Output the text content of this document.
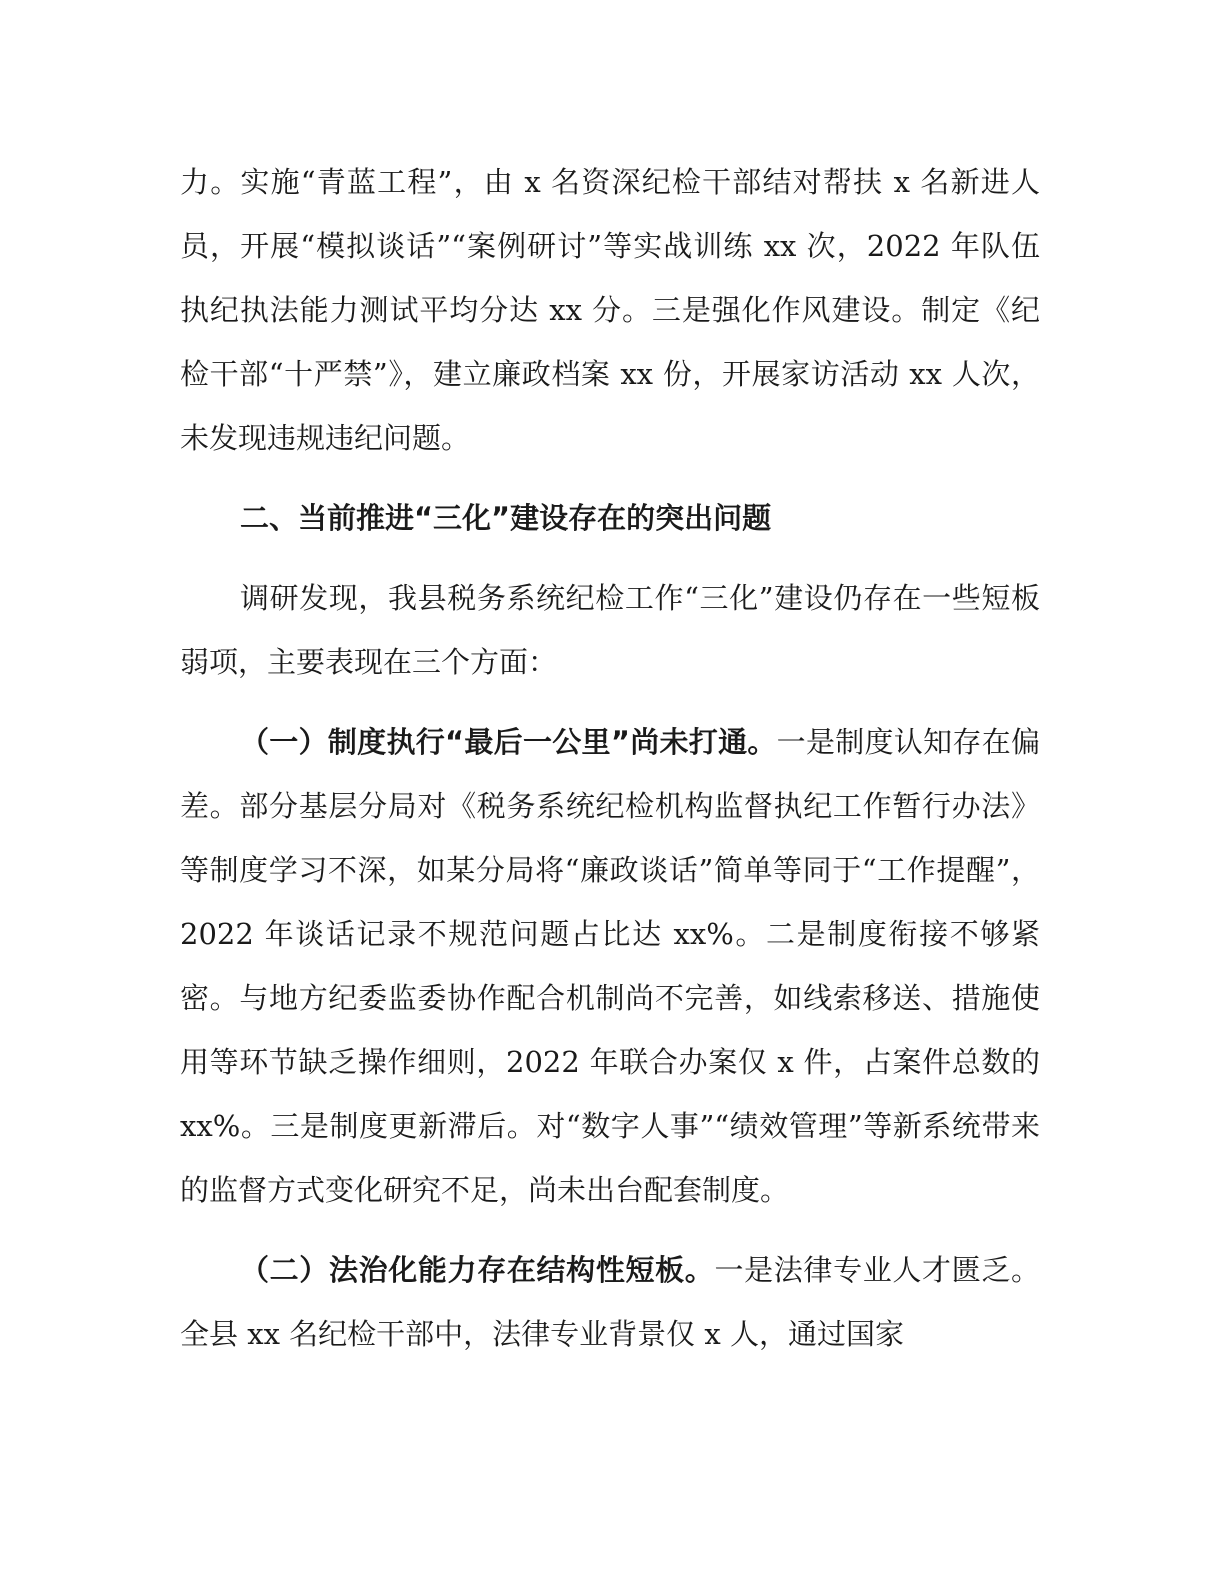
力。实施“青蓝工程”，由 x 名资深纪检干部结对帮扶 x 名新进人员，开展“模拟谈话”“案例研讨”等实战训练 xx 次，2022 年队伍执纪执法能力测试平均分达 xx 分。三是强化作风建设。制定《纪检干部“十严禁”》，建立廉政档案 xx 份，开展家访活动 xx 人次，未发现违规违纪问题。

二、当前推进“三化”建设存在的突出问题

调研发现，我县税务系统纪检工作“三化”建设仍存在一些短板弱项，主要表现在三个方面：

（一）制度执行“最后一公里”尚未打通。一是制度认知存在偏差。部分基层分局对《税务系统纪检机构监督执纪工作暂行办法》等制度学习不深，如某分局将“廉政谈话”简单等同于“工作提醒”，2022 年谈话记录不规范问题占比达 xx%。二是制度衔接不够紧密。与地方纪委监委协作配合机制尚不完善，如线索移送、措施使用等环节缺乏操作细则，2022 年联合办案仅 x 件，占案件总数的 xx%。三是制度更新滞后。对“数字人事”“绩效管理”等新系统带来的监督方式变化研究不足，尚未出台配套制度。

（二）法治化能力存在结构性短板。一是法律专业人才匮乏。全县 xx 名纪检干部中，法律专业背景仅 x 人，通过国家
